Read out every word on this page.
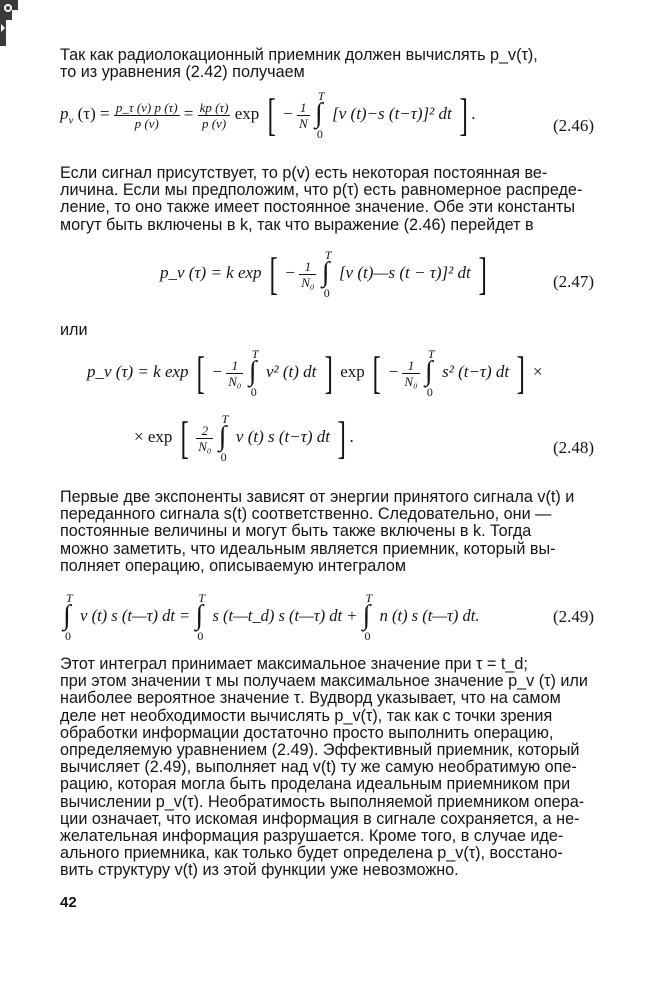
Так как радиолокационный приемник должен вычислять p_v(τ),
то из уравнения (2.42) получаем
$p_v$ $(\tau) = \frac{p\_\tau (v) p (\tau)}{p (v)} = \frac{kp (\tau)}{p (v)}$ exp [ − $\frac{1}{N}$

T
∫
0
[v (t)−s (t−τ)]² dt ] .
(2.46)
Если сигнал присутствует, то p(v) есть некоторая постоянная ве-
личина. Если мы предположим, что p(τ) есть равномерное распреде-
ление, то оно также имеет постоянное значение. Обе эти константы
могут быть включены в k, так что выражение (2.46) перейдет в
p_v (τ) = k exp [ − $\frac{1}{\text{N₀}}$

T
∫
0
[v (t)—s (t − τ)]² dt ]	(2.47)
или
p_v (τ) = k exp [ − $\frac{1}{\text{N₀}}$

T
∫
0
v² (t) dt ] exp [ − $\frac{1}{\text{N₀}}$

T
∫
0
s² (t−τ) dt ] ×
× exp [ $\frac{2}{\text{N₀}}$

T
∫
0
v (t) s (t−τ) dt ] .
(2.48)
Первые две экспоненты зависят от энергии принятого сигнала v(t) и
переданного сигнала s(t) соответственно. Следовательно, они —
постоянные величины и могут быть также включены в k. Тогда
можно заметить, что идеальным является приемник, который вы-
полняет операцию, описываемую интегралом
T
∫
0
v (t) s (t—τ) dt =
T
∫
0
s (t—t_d) s (t—τ) dt +
T
∫
0
n (t) s (t—τ) dt.	(2.49)
Этот интеграл принимает максимальное значение при τ = t_d;
при этом значении τ мы получаем максимальное значение p_v (τ) или
наиболее вероятное значение τ. Вудворд указывает, что на самом
деле нет необходимости вычислять p_v(τ), так как с точки зрения
обработки информации достаточно просто выполнить операцию,
определяемую уравнением (2.49). Эффективный приемник, который
вычисляет (2.49), выполняет над v(t) ту же самую необратимую опе-
рацию, которая могла быть проделана идеальным приемником при
вычислении p_v(τ). Необратимость выполняемой приемником опера-
ции означает, что искомая информация в сигнале сохраняется, а не-
желательная информация разрушается. Кроме того, в случае иде-
ального приемника, как только будет определена p_v(τ), восстано-
вить структуру v(t) из этой функции уже невозможно.
42
